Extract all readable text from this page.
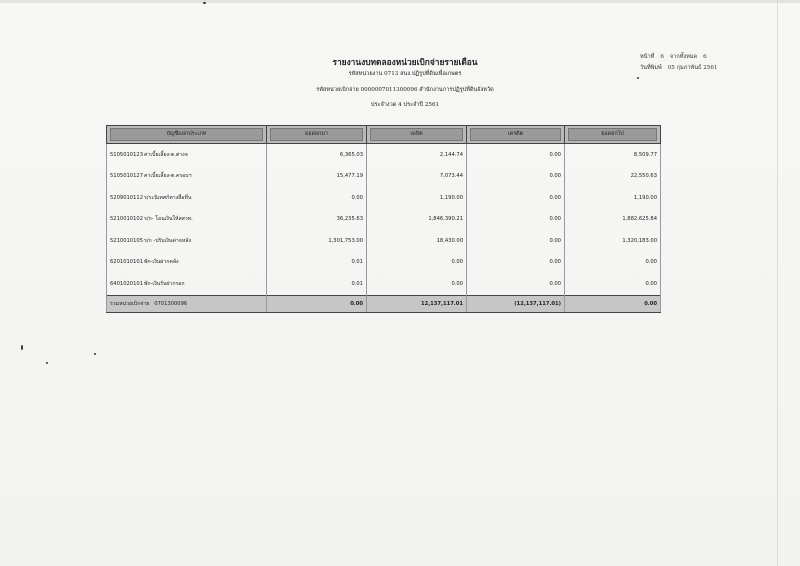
หน้าที่ 6 จากทั้งหมด 6
วันที่พิมพ์ 05 กุมภาพันธ์ 2561
รายงานงบทดลองหน่วยเบิกจ่ายรายเดือน
รหัสหน่วยงาน 0713 สนง.ปฏิรูปที่ดินเพื่อเกษตร
รหัสหน่วยเบิกจ่าย 0000007011300096 สำนักงานการปฏิรูปที่ดินจังหวัด
ประจำงวด 4 ประจำปี 2561
บัญชีแยกประเภท	ยอดยกมา	เดบิต	เครดิต	ยอดยกไป

5105010123ค่าเบี้ยเลี้ยง-ต.ต่างจ	6,365.03	2,144.74	0.00	8,509.77
5105010127ค่าเบี้ยเลี้ยง-ต.ครอบฯ	15,477.19	7,073.44	0.00	22,550.63
5209010112ร/ระนิเทศก์ทางสื่อที่น	0.00	1,190.00	0.00	1,190.00
5210010102ร/ก- โอนเงินให้สสวท.	36,235.63	1,846,390.21	0.00	1,882,625.84
5210010105ร/ก -ปรับเงินค่าจหลัง	1,301,753.00	18,430.00	0.00	1,320,183.00
6201010101พัก-เงินฝากคลัง	0.01	0.00	0.00	0.00
6401020101พัก-เงินรับฝากรอก	0.01	0.00	0.00	0.00
รวมหน่วยเบิกจ่าย 0701300096	0.00	12,137,117.01	(12,137,117.01)	0.00
